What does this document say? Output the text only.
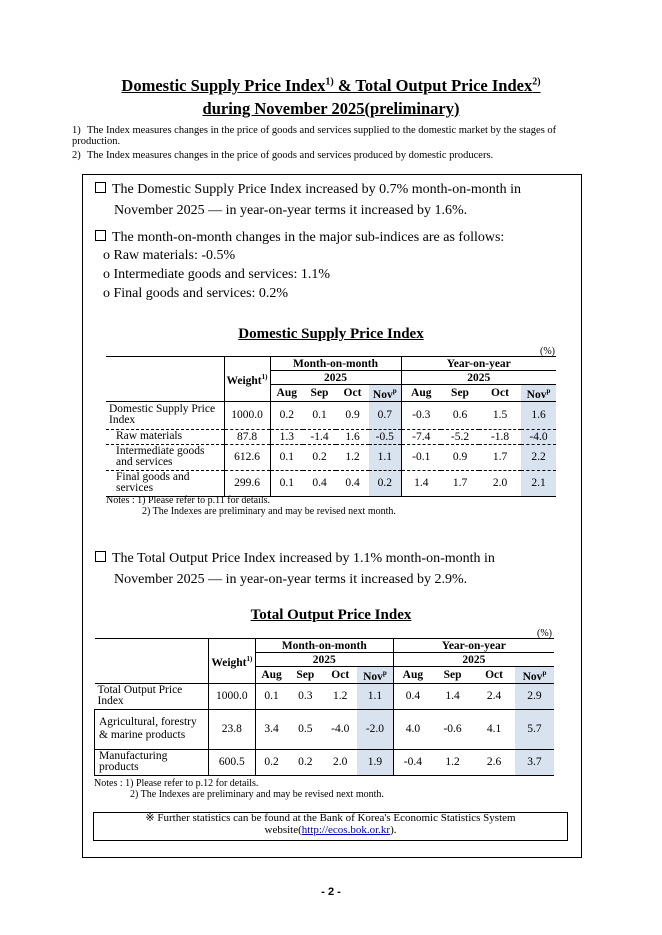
Domestic Supply Price Index$^{1)}$ & Total Output Price Index$^{2)}$
during November 2025(preliminary)
1) The Index measures changes in the price of goods and services supplied to the domestic market by the stages of production.
2) The Index measures changes in the price of goods and services produced by domestic producers.
The Domestic Supply Price Index increased by 0.7% month-on-month in
November 2025 — in year-on-year terms it increased by 1.6%.
The month-on-month changes in the major sub-indices are as follows:
o Raw materials: -0.5%
o Intermediate goods and services: 1.1%
o Final goods and services: 0.2%
Domestic Supply Price Index
(%)
	Weight$^{1)}$	Month-on-month				Year-on-year			
		2025				2025			
		Aug	Sep	Oct	Nov$^p$	Aug	Sep	Oct	Nov$^p$
Domestic Supply Price Index	1000.0	0.2	0.1	0.9	0.7	-0.3	0.6	1.5	1.6
Raw materials	87.8	1.3	-1.4	1.6	-0.5	-7.4	-5.2	-1.8	-4.0
Intermediate goods and services	612.6	0.1	0.2	1.2	1.1	-0.1	0.9	1.7	2.2
Final goods and services	299.6	0.1	0.4	0.4	0.2	1.4	1.7	2.0	2.1
Notes : 1) Please refer to p.11 for details.
2) The Indexes are preliminary and may be revised next month.
The Total Output Price Index increased by 1.1% month-on-month in
November 2025 — in year-on-year terms it increased by 2.9%.
Total Output Price Index
(%)
	Weight$^{1)}$	Month-on-month				Year-on-year			
		2025				2025			
		Aug	Sep	Oct	Nov$^p$	Aug	Sep	Oct	Nov$^p$
Total Output Price Index	1000.0	0.1	0.3	1.2	1.1	0.4	1.4	2.4	2.9
Agricultural, forestry & marine products	23.8	3.4	0.5	-4.0	-2.0	4.0	-0.6	4.1	5.7
Manufacturing products	600.5	0.2	0.2	2.0	1.9	-0.4	1.2	2.6	3.7
Notes : 1) Please refer to p.12 for details.
2) The Indexes are preliminary and may be revised next month.
※ Further statistics can be found at the Bank of Korea's Economic Statistics System
website(http://ecos.bok.or.kr).
- 2 -
